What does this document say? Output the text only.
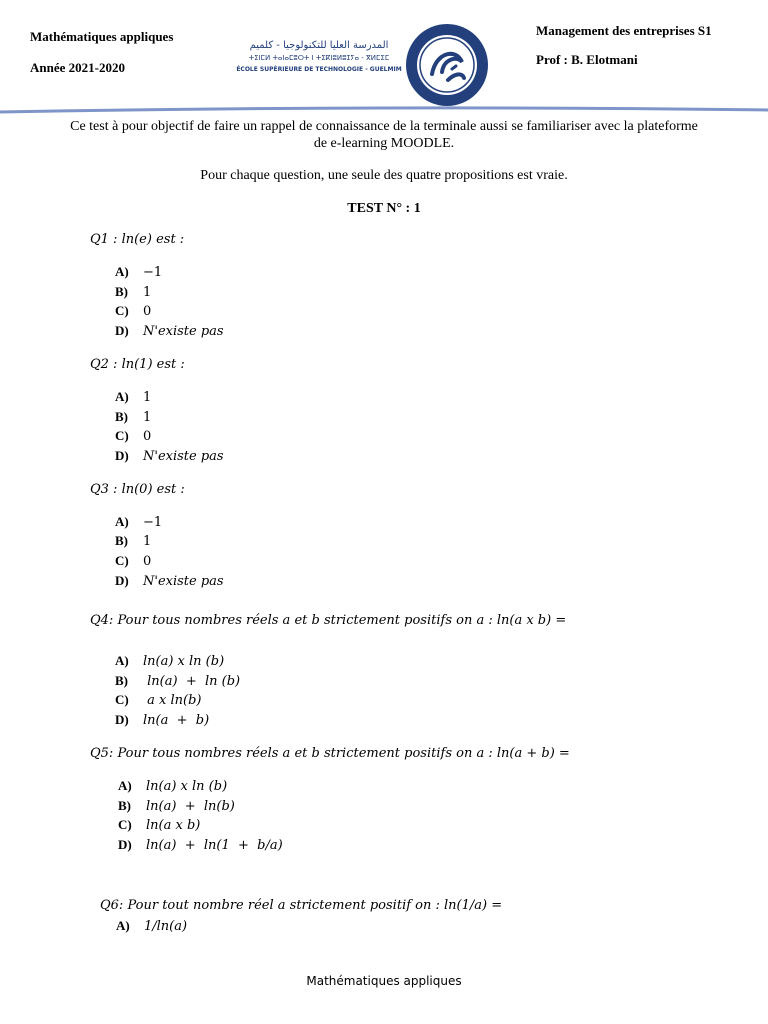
Mathématiques appliques
Année 2021-2020
Management des entreprises S1
Prof : B. Elotmani
المدرسة العليا للتكنولوجيا - كلميم
ⵜⵉⵏⵎⵍ ⵜⴰⵏⴰⵎⵓⵔⵜ ⵏ ⵜⵉⴽⵏⵓⵍⵓⵊⵢⴰ - ⴳⵍⵎⵉⵎ
ÉCOLE SUPÉRIEURE DE TECHNOLOGIE - GUELMIM
Ce test à pour objectif de faire un rappel de connaissance de la terminale aussi se familiariser avec la plateforme
de e-learning MOODLE.
Pour chaque question, une seule des quatre propositions est vraie.
TEST N° : 1
Q1 : ln(e) est :
A) −1
B) 1
C) 0
D) N'existe pas
Q2 : ln(1) est :
A) 1
B) 1
C) 0
D) N'existe pas
Q3 : ln(0) est :
A) −1
B) 1
C) 0
D) N'existe pas
Q4: Pour tous nombres réels a et b strictement positifs on a : ln(a x b) =
A) ln(a) x ln (b)
B) ln(a)  +  ln (b)
C) a x ln(b)
D) ln(a  +  b)
Q5: Pour tous nombres réels a et b strictement positifs on a : ln(a + b) =
A) ln(a) x ln (b)
B) ln(a)  +  ln(b)
C) ln(a x b)
D) ln(a)  +  ln(1  +  b/a)
Q6: Pour tout nombre réel a strictement positif on : ln(1/a) =
A) 1/ln(a)
Mathématiques appliques
